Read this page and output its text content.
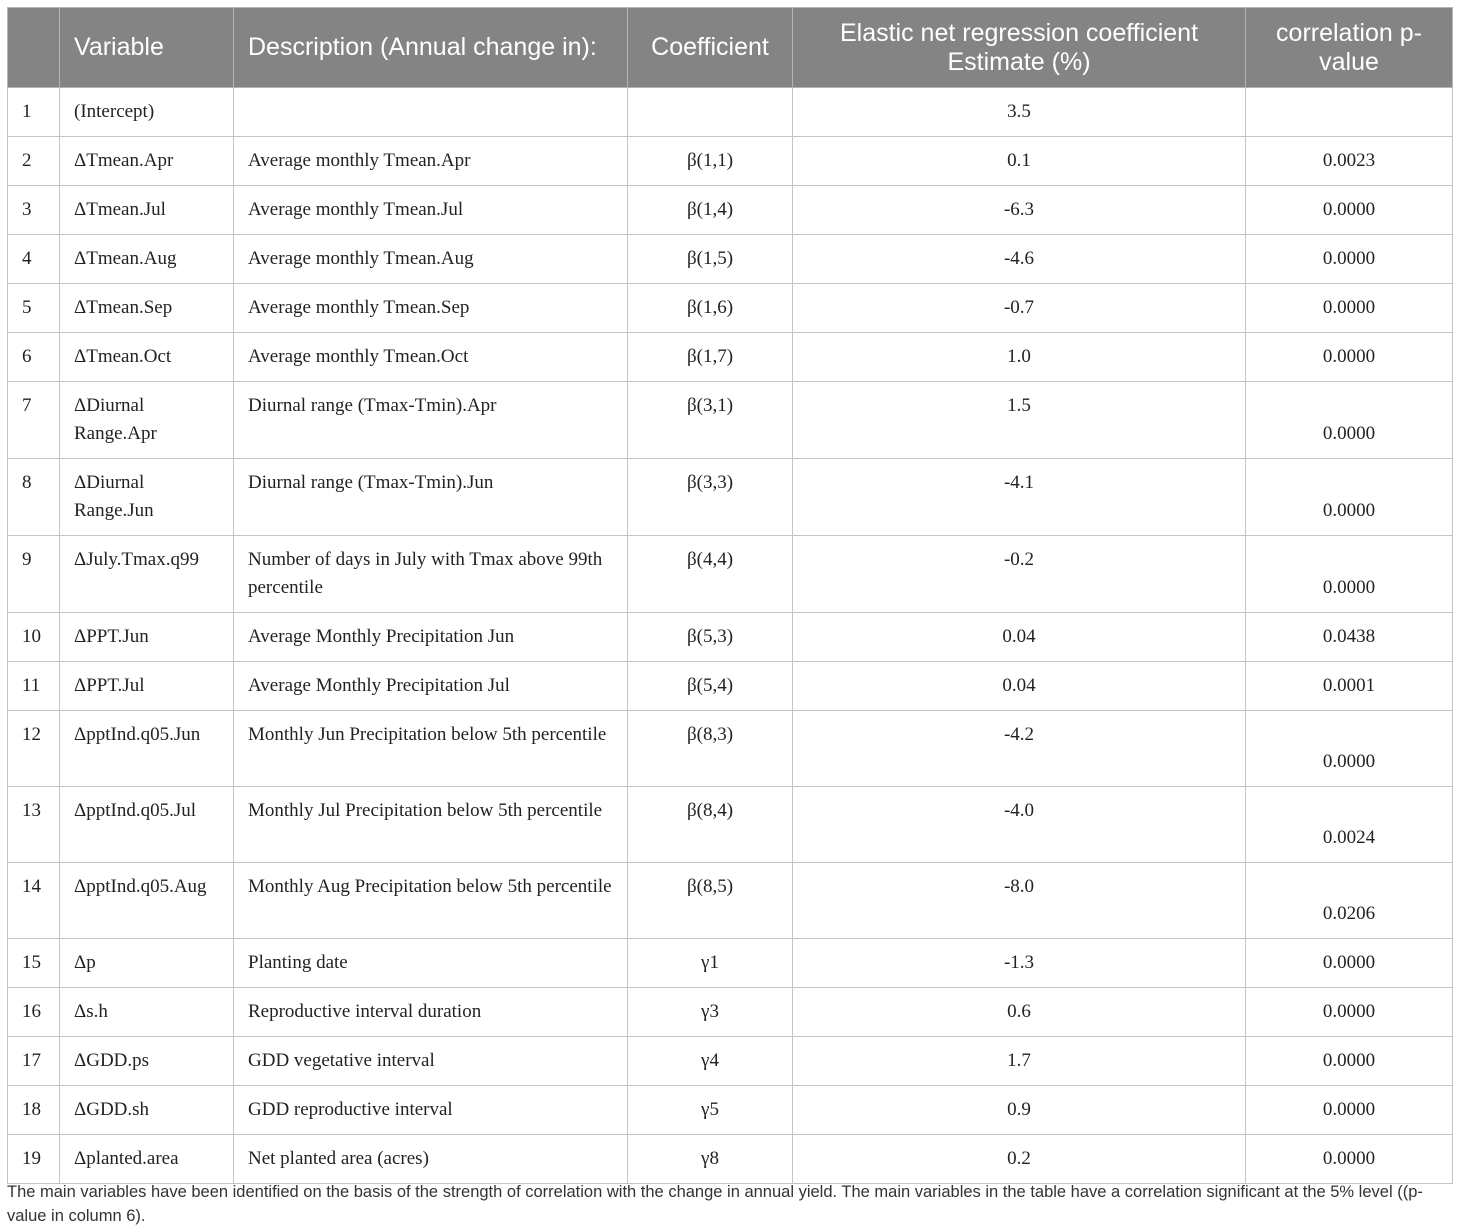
	Variable	Description (Annual change in):	Coefficient	Elastic net regression coefficient Estimate (%)	correlation p-value
1	(Intercept)			3.5	
2	ΔTmean.Apr	Average monthly Tmean.Apr	β(1,1)	0.1	0.0023
3	ΔTmean.Jul	Average monthly Tmean.Jul	β(1,4)	-6.3	0.0000
4	ΔTmean.Aug	Average monthly Tmean.Aug	β(1,5)	-4.6	0.0000
5	ΔTmean.Sep	Average monthly Tmean.Sep	β(1,6)	-0.7	0.0000
6	ΔTmean.Oct	Average monthly Tmean.Oct	β(1,7)	1.0	0.0000
7	ΔDiurnal Range.Apr	Diurnal range (Tmax-Tmin).Apr	β(3,1)	1.5	0.0000
8	ΔDiurnal Range.Jun	Diurnal range (Tmax-Tmin).Jun	β(3,3)	-4.1	0.0000
9	ΔJuly.Tmax.q99	Number of days in July with Tmax above 99th percentile	β(4,4)	-0.2	0.0000
10	ΔPPT.Jun	Average Monthly Precipitation Jun	β(5,3)	0.04	0.0438
11	ΔPPT.Jul	Average Monthly Precipitation Jul	β(5,4)	0.04	0.0001
12	ΔpptInd.q05.Jun	Monthly Jun Precipitation below 5th percentile	β(8,3)	-4.2	0.0000
13	ΔpptInd.q05.Jul	Monthly Jul Precipitation below 5th percentile	β(8,4)	-4.0	0.0024
14	ΔpptInd.q05.Aug	Monthly Aug Precipitation below 5th percentile	β(8,5)	-8.0	0.0206
15	Δp	Planting date	γ1	-1.3	0.0000
16	Δs.h	Reproductive interval duration	γ3	0.6	0.0000
17	ΔGDD.ps	GDD vegetative interval	γ4	1.7	0.0000
18	ΔGDD.sh	GDD reproductive interval	γ5	0.9	0.0000
19	Δplanted.area	Net planted area (acres)	γ8	0.2	0.0000
The main variables have been identified on the basis of the strength of correlation with the change in annual yield. The main variables in the table have a correlation significant at the 5% level ((p-value in column 6).
